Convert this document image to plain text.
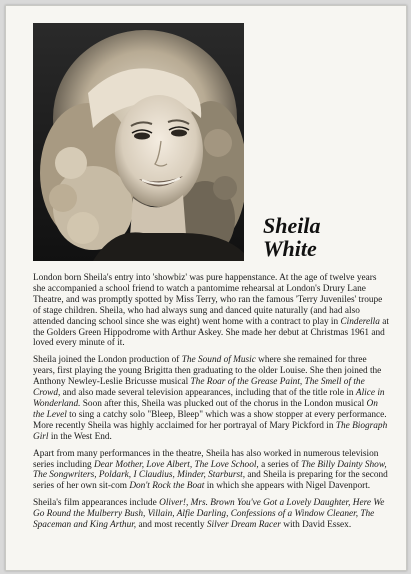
Sheila
White

London born Sheila's entry into 'showbiz' was pure happenstance. At the age of twelve years she accompanied a school friend to watch a pantomime rehearsal at London's Drury Lane Theatre, and was promptly spotted by Miss Terry, who ran the famous 'Terry Juveniles' troupe of stage children. Sheila, who had always sung and danced quite naturally (and had also attended dancing school since she was eight) went home with a contract to play in Cinderella at the Golders Green Hippodrome with Arthur Askey. She made her debut at Christmas 1961 and loved every minute of it.

Sheila joined the London production of The Sound of Music where she remained for three years, first playing the young Brigitta then graduating to the older Louise. She then joined the Anthony Newley-Leslie Bricusse musical The Roar of the Grease Paint, The Smell of the Crowd, and also made several television appearances, including that of the title role in Alice in Wonderland. Soon after this, Sheila was plucked out of the chorus in the London musical On the Level to sing a catchy solo "Bleep, Bleep" which was a show stopper at every performance. More recently Sheila was highly acclaimed for her portrayal of Mary Pickford in The Biograph Girl in the West End.

Apart from many performances in the theatre, Sheila has also worked in numerous television series including Dear Mother, Love Albert, The Love School, a series of The Billy Dainty Show, The Songwriters, Poldark, I Claudius, Minder, Starburst, and Sheila is preparing for the second series of her own sit-com Don't Rock the Boat in which she appears with Nigel Davenport.

Sheila's film appearances include Oliver!, Mrs. Brown You've Got a Lovely Daughter, Here We Go Round the Mulberry Bush, Villain, Alfie Darling, Confessions of a Window Cleaner, The Spaceman and King Arthur, and most recently Silver Dream Racer with David Essex.
